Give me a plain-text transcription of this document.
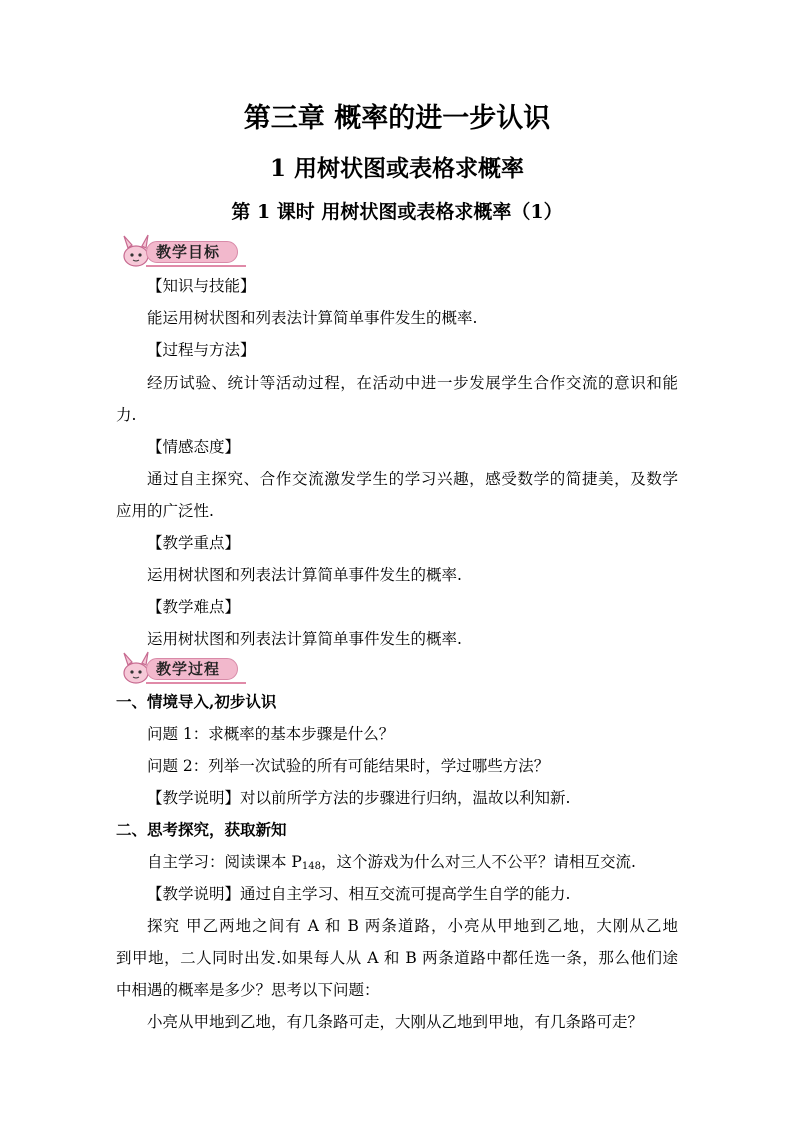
第三章 概率的进一步认识
1 用树状图或表格求概率
第 1 课时 用树状图或表格求概率（1）
教学目标
【知识与技能】
能运用树状图和列表法计算简单事件发生的概率.
【过程与方法】
经历试验、统计等活动过程，在活动中进一步发展学生合作交流的意识和能
力.
【情感态度】
通过自主探究、合作交流激发学生的学习兴趣，感受数学的简捷美，及数学
应用的广泛性.
【教学重点】
运用树状图和列表法计算简单事件发生的概率.
【教学难点】
运用树状图和列表法计算简单事件发生的概率.
教学过程
一、情境导入,初步认识
问题 1：求概率的基本步骤是什么？
问题 2：列举一次试验的所有可能结果时，学过哪些方法？
【教学说明】对以前所学方法的步骤进行归纳，温故以利知新.
二、思考探究，获取新知
自主学习：阅读课本 $P_{148}$，这个游戏为什么对三人不公平？请相互交流.
【教学说明】通过自主学习、相互交流可提高学生自学的能力.
探究 甲乙两地之间有 A 和 B 两条道路，小亮从甲地到乙地，大刚从乙地
到甲地，二人同时出发.如果每人从 A 和 B 两条道路中都任选一条，那么他们途
中相遇的概率是多少？思考以下问题：
小亮从甲地到乙地，有几条路可走，大刚从乙地到甲地，有几条路可走？
